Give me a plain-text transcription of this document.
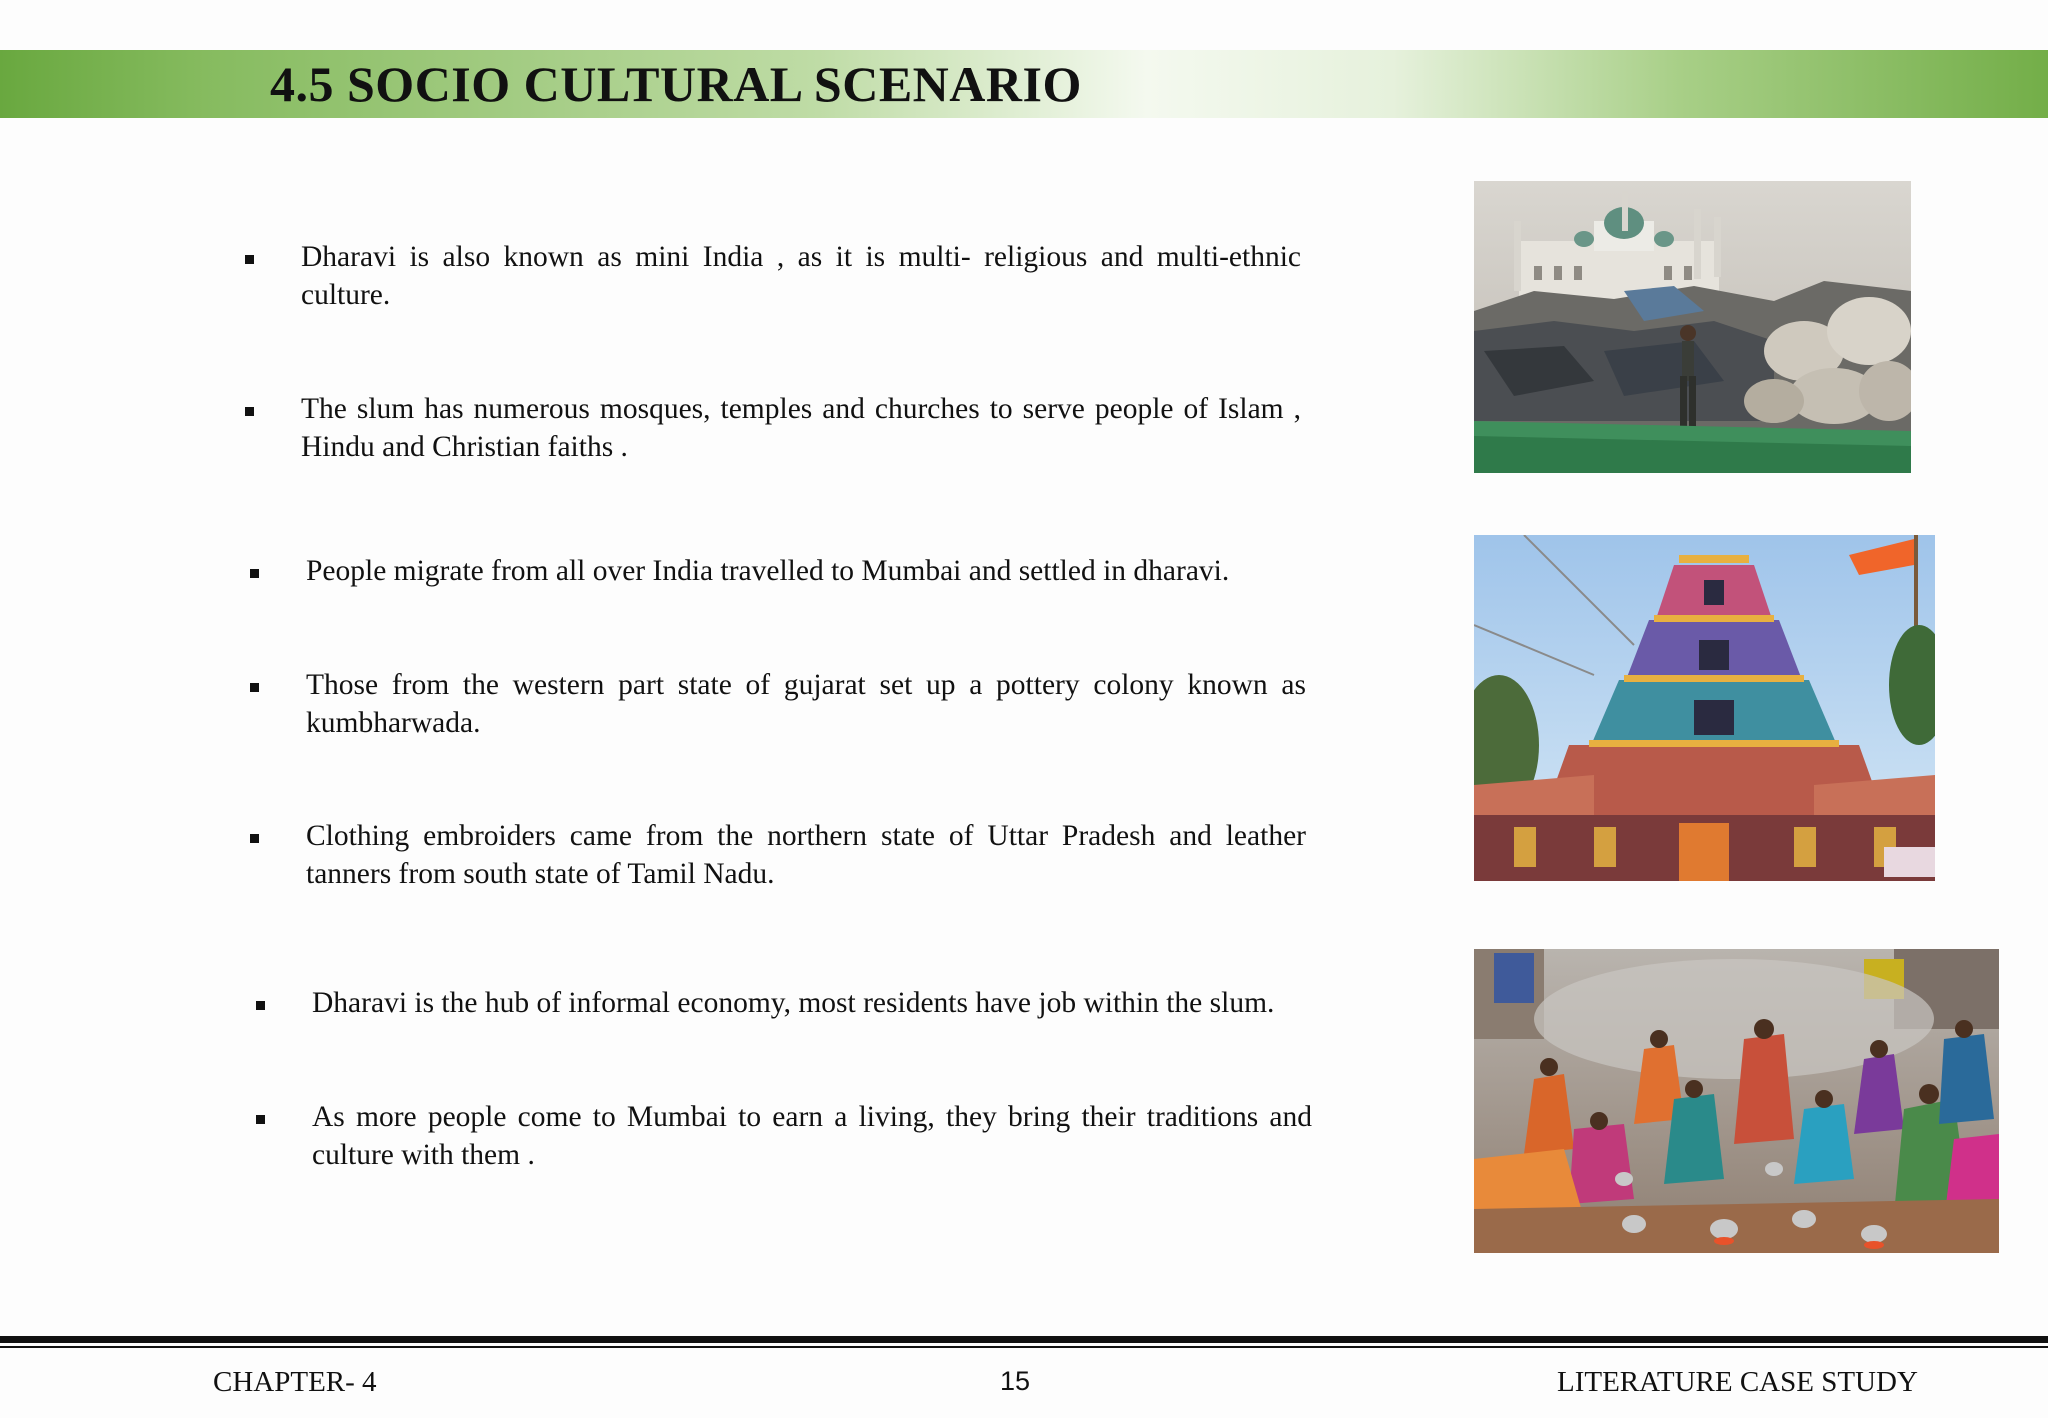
4.5 SOCIO CULTURAL SCENARIO
Dharavi is also known as mini India , as it is multi- religious and multi-ethnic culture.
The slum has numerous mosques, temples and churches to serve people of Islam , Hindu and Christian faiths .
People migrate from all over India travelled to Mumbai and settled in dharavi.
Those from the western part state of gujarat set up a pottery colony known as kumbharwada.
Clothing embroiders came from the northern state of Uttar Pradesh and leather tanners from south state of Tamil Nadu.
Dharavi is the hub of informal economy, most residents have job within the slum.
As more people come to Mumbai to earn a living, they bring their traditions and culture with them .
CHAPTER- 4	15	LITERATURE CASE STUDY
